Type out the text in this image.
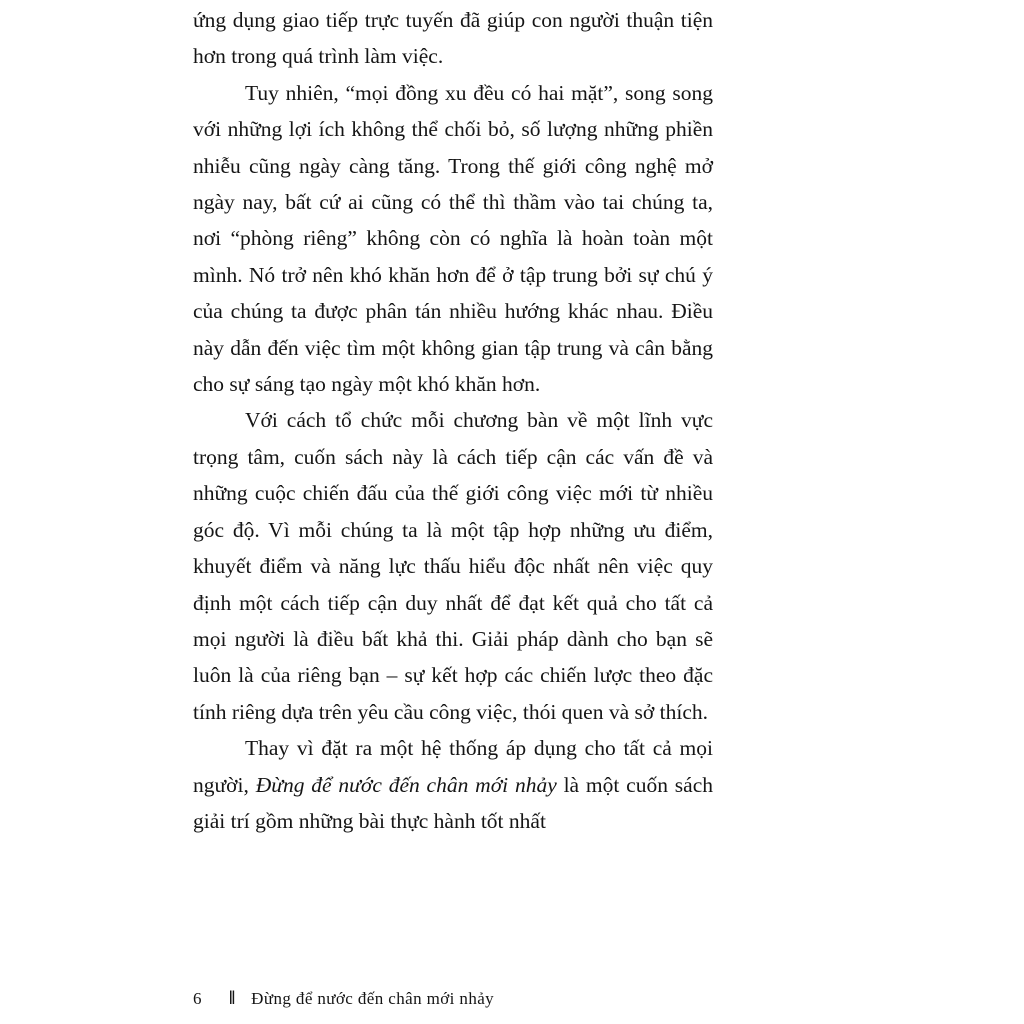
ứng dụng giao tiếp trực tuyến đã giúp con người thuận tiện hơn trong quá trình làm việc.

Tuy nhiên, “mọi đồng xu đều có hai mặt”, song song với những lợi ích không thể chối bỏ, số lượng những phiền nhiễu cũng ngày càng tăng. Trong thế giới công nghệ mở ngày nay, bất cứ ai cũng có thể thì thầm vào tai chúng ta, nơi “phòng riêng” không còn có nghĩa là hoàn toàn một mình. Nó trở nên khó khăn hơn để ở tập trung bởi sự chú ý của chúng ta được phân tán nhiều hướng khác nhau. Điều này dẫn đến việc tìm một không gian tập trung và cân bằng cho sự sáng tạo ngày một khó khăn hơn.

Với cách tổ chức mỗi chương bàn về một lĩnh vực trọng tâm, cuốn sách này là cách tiếp cận các vấn đề và những cuộc chiến đấu của thế giới công việc mới từ nhiều góc độ. Vì mỗi chúng ta là một tập hợp những ưu điểm, khuyết điểm và năng lực thấu hiểu độc nhất nên việc quy định một cách tiếp cận duy nhất để đạt kết quả cho tất cả mọi người là điều bất khả thi. Giải pháp dành cho bạn sẽ luôn là của riêng bạn – sự kết hợp các chiến lược theo đặc tính riêng dựa trên yêu cầu công việc, thói quen và sở thích.

Thay vì đặt ra một hệ thống áp dụng cho tất cả mọi người, Đừng để nước đến chân mới nhảy là một cuốn sách giải trí gồm những bài thực hành tốt nhất

6 ‖ Đừng để nước đến chân mới nhảy
